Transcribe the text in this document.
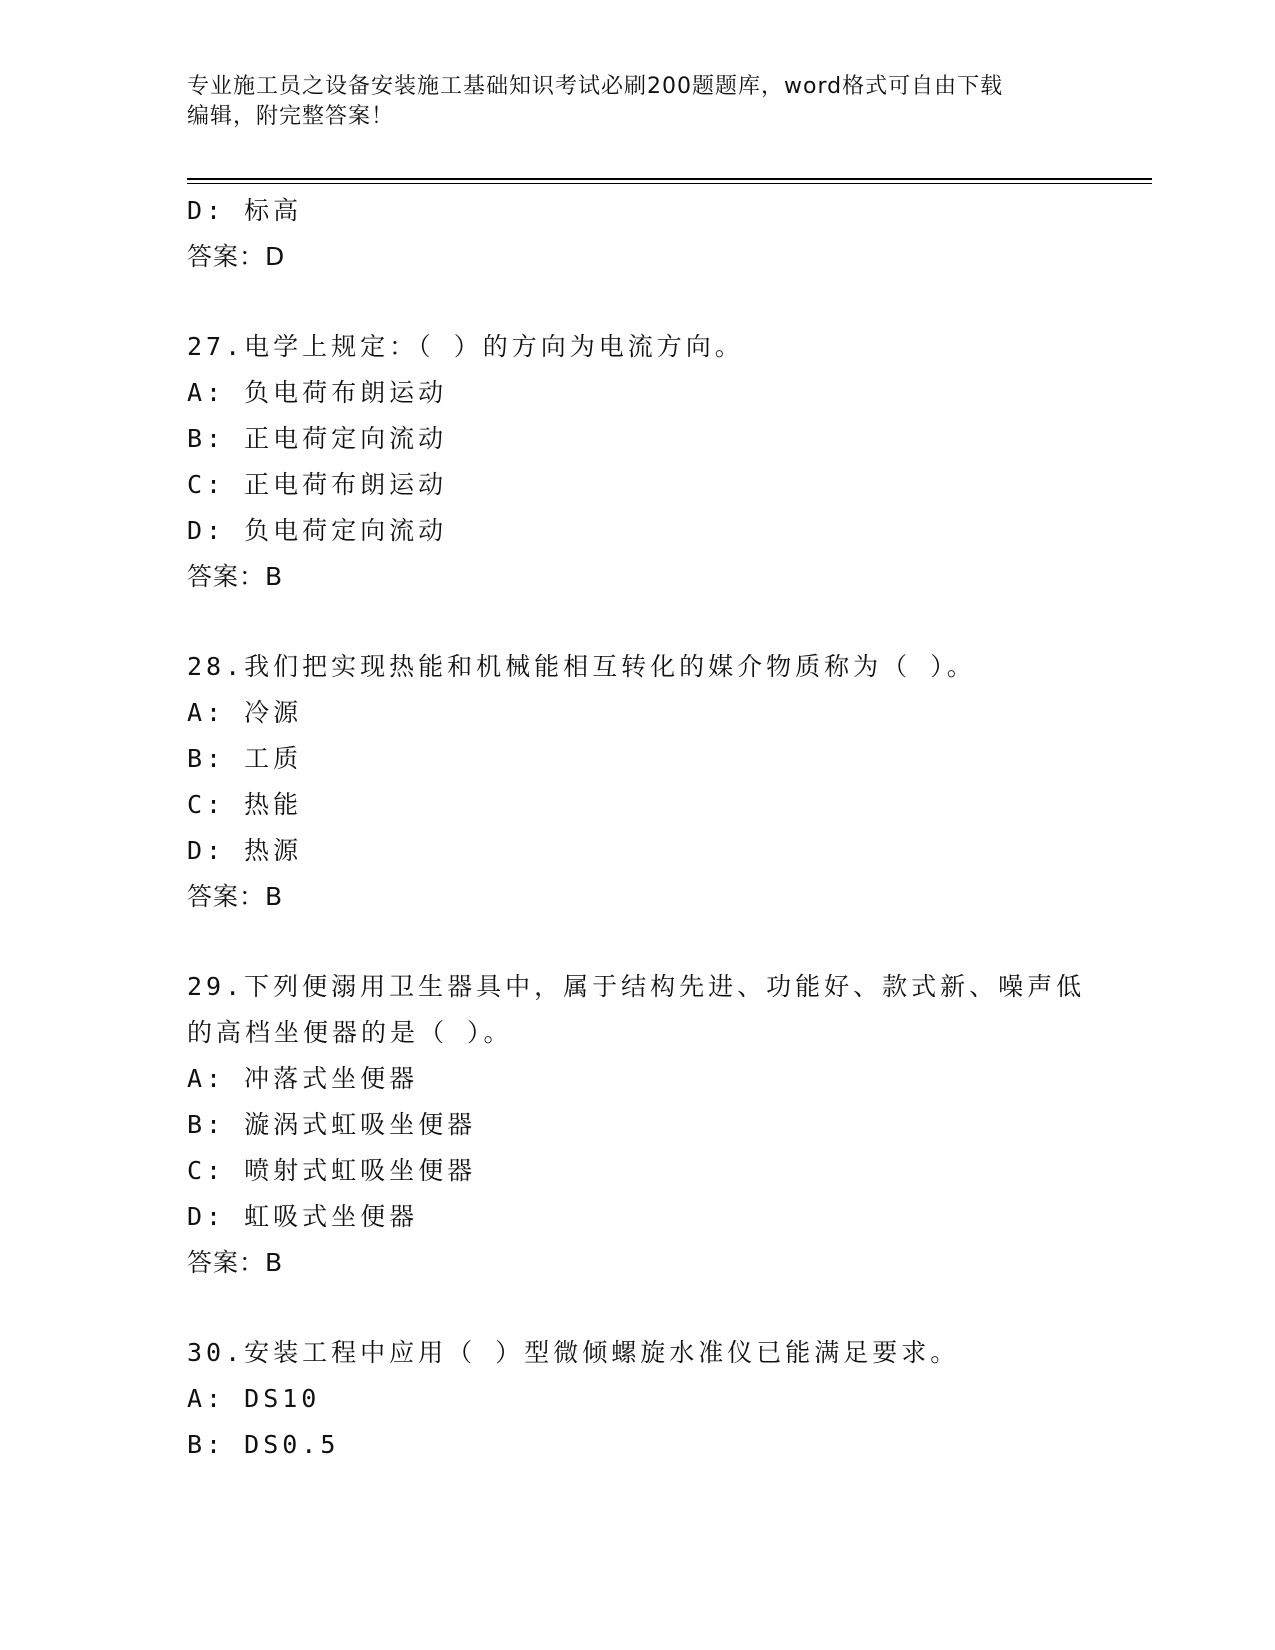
专业施工员之设备安装施工基础知识考试必刷200题题库，word格式可自由下载
编辑，附完整答案！
D: 标高
答案：D
27.电学上规定：（ ）的方向为电流方向。
A: 负电荷布朗运动
B: 正电荷定向流动
C: 正电荷布朗运动
D: 负电荷定向流动
答案：B
28.我们把实现热能和机械能相互转化的媒介物质称为（ ）。
A: 冷源
B: 工质
C: 热能
D: 热源
答案：B
29.下列便溺用卫生器具中，属于结构先进、功能好、款式新、噪声低
的高档坐便器的是（ ）。
A: 冲落式坐便器
B: 漩涡式虹吸坐便器
C: 喷射式虹吸坐便器
D: 虹吸式坐便器
答案：B
30.安装工程中应用（ ）型微倾螺旋水准仪已能满足要求。
A: DS10
B: DS0.5
